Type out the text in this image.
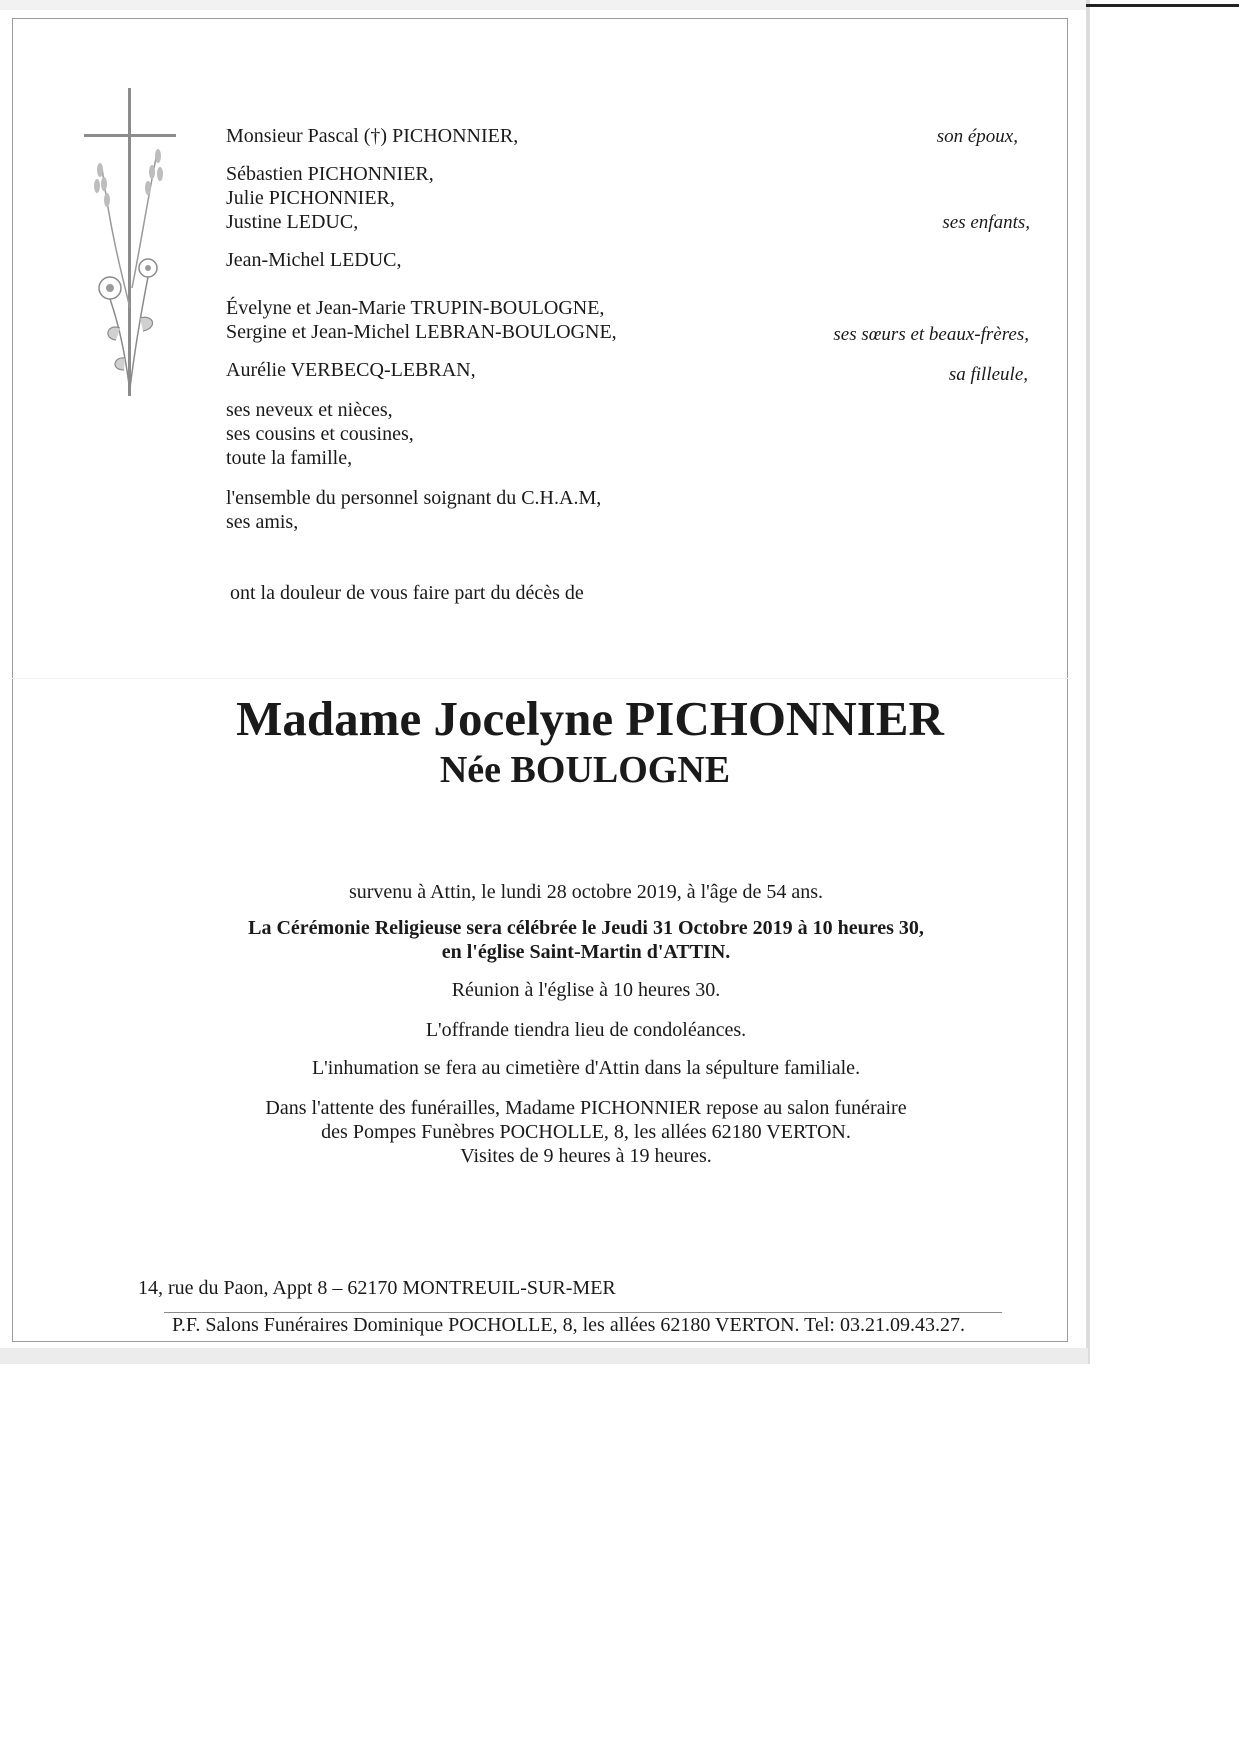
Monsieur Pascal (†) PICHONNIER,	son époux,
Sébastien PICHONNIER,
Julie PICHONNIER,
Justine LEDUC,	ses enfants,
Jean-Michel LEDUC,
Évelyne et Jean-Marie TRUPIN-BOULOGNE,
Sergine et Jean-Michel LEBRAN-BOULOGNE,	ses sœurs et beaux-frères,
Aurélie VERBECQ-LEBRAN,	sa filleule,
ses neveux et nièces,
ses cousins et cousines,
toute la famille,
l'ensemble du personnel soignant du C.H.A.M,
ses amis,
ont la douleur de vous faire part du décès de
Madame Jocelyne PICHONNIER
Née BOULOGNE

survenu à Attin, le lundi 28 octobre 2019, à l'âge de 54 ans.

La Cérémonie Religieuse sera célébrée le Jeudi 31 Octobre 2019 à 10 heures 30,

en l'église Saint-Martin d'ATTIN.

Réunion à l'église à 10 heures 30.

L'offrande tiendra lieu de condoléances.

L'inhumation se fera au cimetière d'Attin dans la sépulture familiale.

Dans l'attente des funérailles, Madame PICHONNIER repose au salon funéraire

des Pompes Funèbres POCHOLLE, 8, les allées 62180 VERTON.

Visites de 9 heures à 19 heures.

14, rue du Paon, Appt 8 – 62170 MONTREUIL-SUR-MER
P.F. Salons Funéraires Dominique POCHOLLE, 8, les allées 62180 VERTON. Tel: 03.21.09.43.27.
